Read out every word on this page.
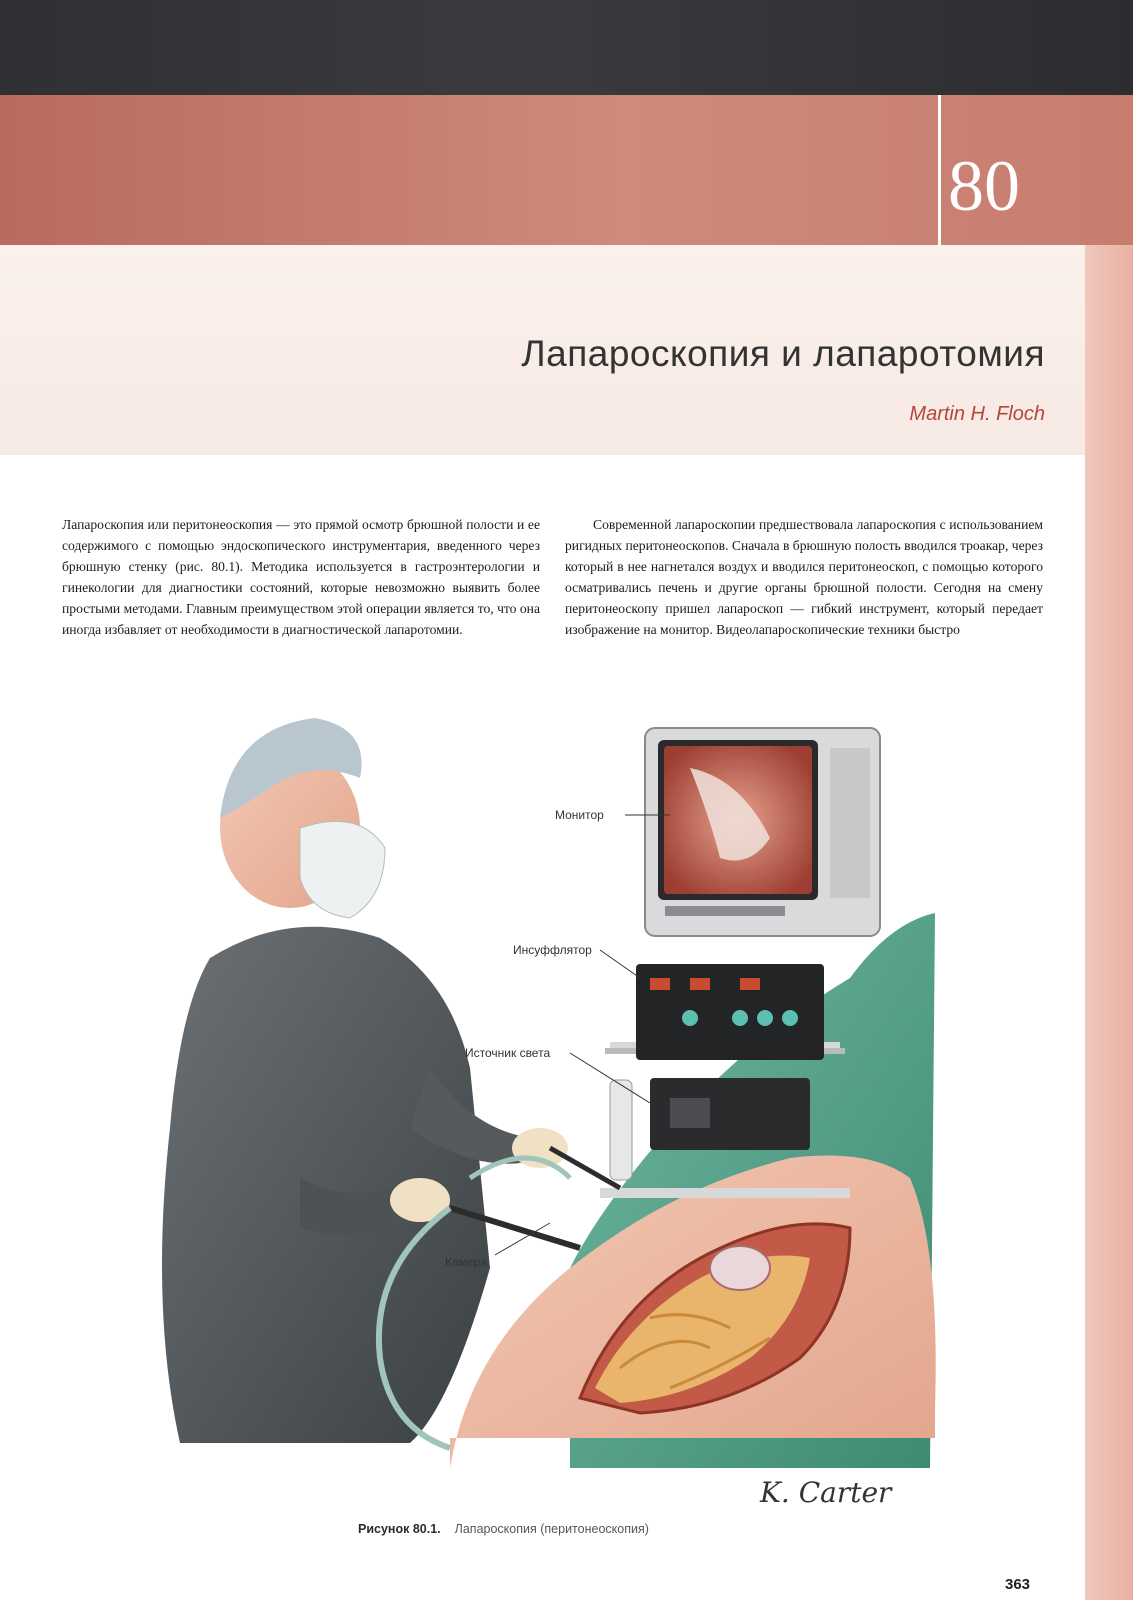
80
Лапароскопия и лапаротомия
Martin H. Floch

Лапароскопия или перитонеоскопия — это прямой осмотр брюшной полости и ее содержимого с помощью эндоскопического инструментария, введенного через брюшную стенку (рис. 80.1). Методика используется в гастроэнтерологии и гинекологии для диагностики состояний, которые невозможно выявить более простыми методами. Главным преимуществом этой операции является то, что она иногда избавляет от необходимости в диагностической лапаротомии.

Современной лапароскопии предшествовала лапароскопия с использованием ригидных перитонеоскопов. Сначала в брюшную полость вводился троакар, через который в нее нагнетался воздух и вводился перитонеоскоп, с помощью которого осматривались печень и другие органы брюшной полости. Сегодня на смену перитонеоскопу пришел лапароскоп — гибкий инструмент, который передает изображение на монитор. Видеолапароскопические техники быстро

Монитор
Инсуффлятор
Источник света
Камера
K. Carter
Рисунок 80.1. Лапароскопия (перитонеоскопия)
363
